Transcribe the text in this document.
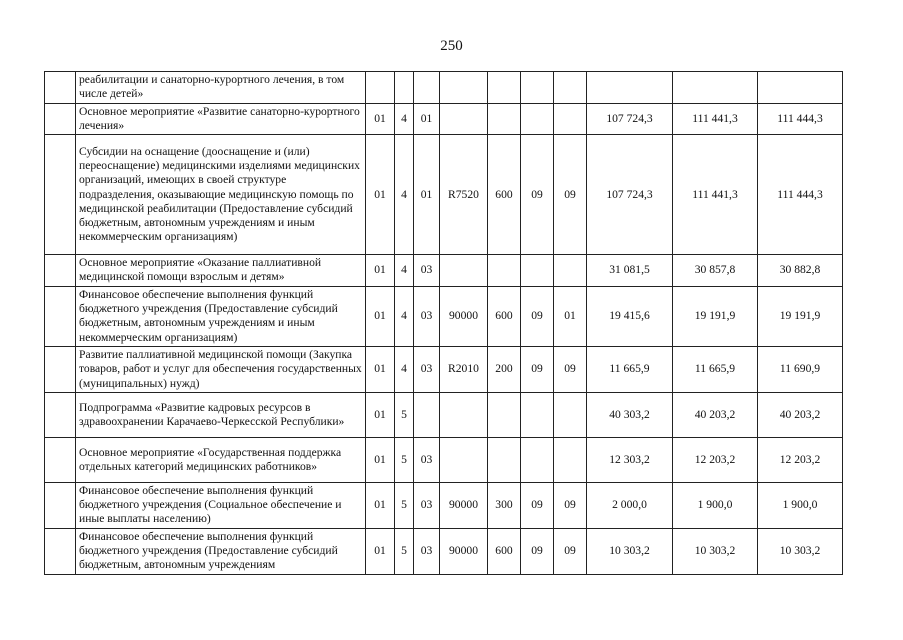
250
	реабилитации и санаторно-курортного лечения, в том числе детей»										
	Основное мероприятие «Развитие санаторно-курортного лечения»	01	4	01					107 724,3	111 441,3	111 444,3
	Субсидии на оснащение (дооснащение и (или) переоснащение) медицинскими изделиями медицинских организаций, имеющих в своей структуре подразделения, оказывающие медицинскую помощь по медицинской реабилитации (Предоставление субсидий бюджетным, автономным учреждениям и иным некоммерческим организациям)	01	4	01	R7520	600	09	09	107 724,3	111 441,3	111 444,3
	Основное мероприятие «Оказание паллиативной медицинской помощи взрослым и детям»	01	4	03					31 081,5	30 857,8	30 882,8
	Финансовое обеспечение выполнения функций бюджетного учреждения (Предоставление субсидий бюджетным, автономным учреждениям и иным некоммерческим организациям)	01	4	03	90000	600	09	01	19 415,6	19 191,9	19 191,9
	Развитие паллиативной медицинской помощи (Закупка товаров, работ и услуг для обеспечения государственных (муниципальных) нужд)	01	4	03	R2010	200	09	09	11 665,9	11 665,9	11 690,9
	Подпрограмма «Развитие кадровых ресурсов в здравоохранении Карачаево-Черкесской Республики»	01	5						40 303,2	40 203,2	40 203,2
	Основное мероприятие «Государственная поддержка отдельных категорий медицинских работников»	01	5	03					12 303,2	12 203,2	12 203,2
	Финансовое обеспечение выполнения функций бюджетного учреждения (Социальное обеспечение и иные выплаты населению)	01	5	03	90000	300	09	09	2 000,0	1 900,0	1 900,0
	Финансовое обеспечение выполнения функций бюджетного учреждения (Предоставление субсидий бюджетным, автономным учреждениям	01	5	03	90000	600	09	09	10 303,2	10 303,2	10 303,2
